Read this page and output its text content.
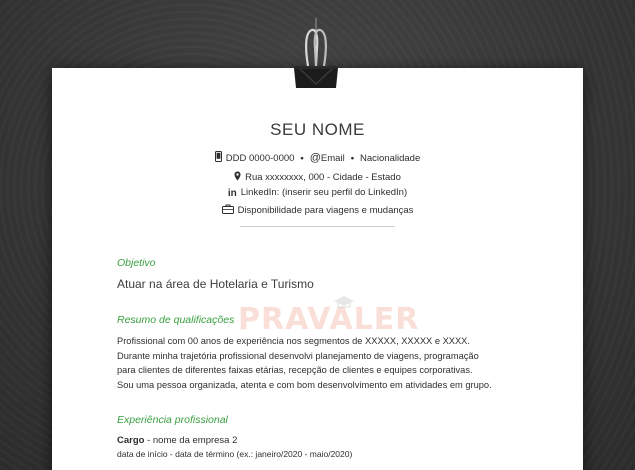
PRAVALER
SEU NOME
DDD 0000-0000 • @Email • Nacionalidade
Rua xxxxxxxx, 000 - Cidade - Estado
in LinkedIn: (inserir seu perfil do LinkedIn)
Disponibilidade para viagens e mudanças
Objetivo
Atuar na área de Hotelaria e Turismo
Resumo de qualificações
Profissional com 00 anos de experiência nos segmentos de XXXXX, XXXXX e XXXX.
Durante minha trajetória profissional desenvolvi planejamento de viagens, programação
para clientes de diferentes faixas etárias, recepção de clientes e equipes corporativas.
Sou uma pessoa organizada, atenta e com bom desenvolvimento em atividades em grupo.
Experiência profissional
Cargo - nome da empresa 2
data de início - data de término (ex.: janeiro/2020 - maio/2020)
